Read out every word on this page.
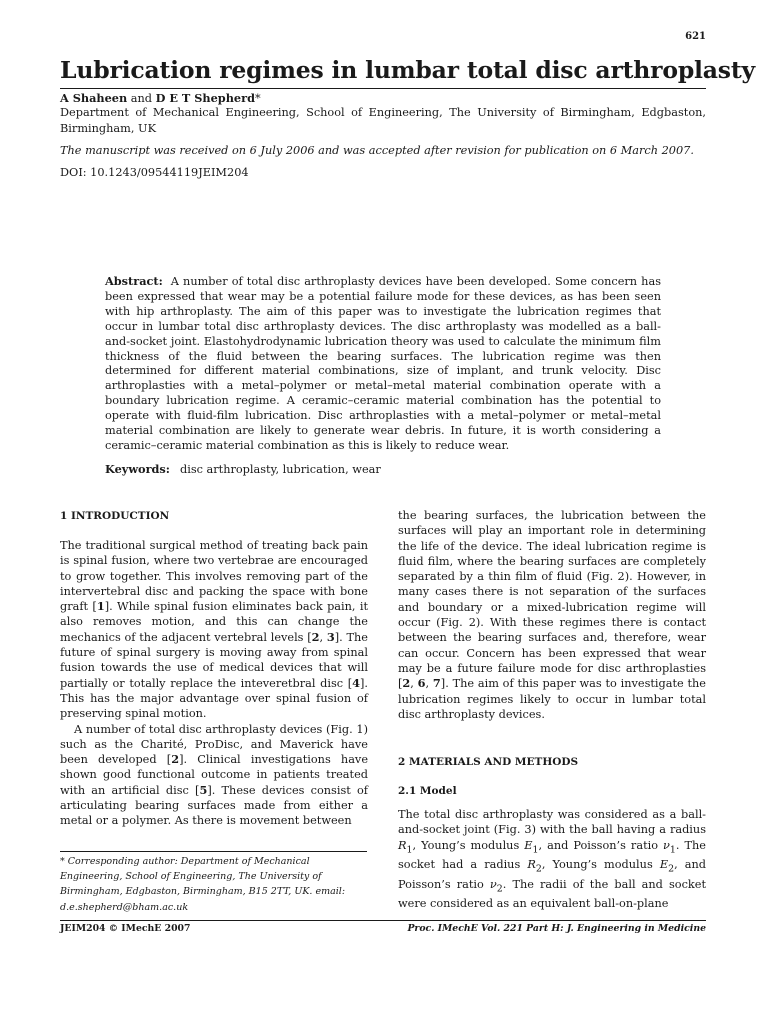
621
Lubrication regimes in lumbar total disc arthroplasty
A Shaheen and D E T Shepherd*
Department of Mechanical Engineering, School of Engineering, The University of Birmingham, Edgbaston, Birmingham, UK
The manuscript was received on 6 July 2006 and was accepted after revision for publication on 6 March 2007.
DOI: 10.1243/09544119JEIM204
Abstract: A number of total disc arthroplasty devices have been developed. Some concern has been expressed that wear may be a potential failure mode for these devices, as has been seen with hip arthroplasty. The aim of this paper was to investigate the lubrication regimes that occur in lumbar total disc arthroplasty devices. The disc arthroplasty was modelled as a ball-and-socket joint. Elastohydrodynamic lubrication theory was used to calculate the minimum film thickness of the fluid between the bearing surfaces. The lubrication regime was then determined for different material combinations, size of implant, and trunk velocity. Disc arthroplasties with a metal–polymer or metal–metal material combination operate with a boundary lubrication regime. A ceramic–ceramic material combination has the potential to operate with fluid-film lubrication. Disc arthroplasties with a metal–polymer or metal–metal material combination are likely to generate wear debris. In future, it is worth considering a ceramic–ceramic material combination as this is likely to reduce wear.
Keywords: disc arthroplasty, lubrication, wear
1 INTRODUCTION

The traditional surgical method of treating back pain is spinal fusion, where two vertebrae are encouraged to grow together. This involves removing part of the intervertebral disc and packing the space with bone graft [1]. While spinal fusion eliminates back pain, it also removes motion, and this can change the mechanics of the adjacent vertebral levels [2, 3]. The future of spinal surgery is moving away from spinal fusion towards the use of medical devices that will partially or totally replace the inteveretbral disc [4]. This has the major advantage over spinal fusion of preserving spinal motion.

A number of total disc arthroplasty devices (Fig. 1) such as the Charité, ProDisc, and Maverick have been developed [2]. Clinical investigations have shown good functional outcome in patients treated with an artificial disc [5]. These devices consist of articulating bearing surfaces made from either a metal or a polymer. As there is movement between

2 MATERIALS AND METHODS
2.1 Model
The total disc arthroplasty was considered as a ball-and-socket joint (Fig. 3) with the ball having a radius $R_1$, Young’s modulus $E_1$, and Poisson’s ratio $\nu_1$. The socket had a radius $R_2$, Young’s modulus $E_2$, and Poisson’s ratio $\nu_2$. The radii of the ball and socket were considered as an equivalent ball-on-plane
* Corresponding author: Department of Mechanical Engineering, School of Engineering, The University of Birmingham, Edgbaston, Birmingham, B15 2TT, UK. email: d.e.shepherd@bham.ac.uk
JEIM204 © IMechE 2007	Proc. IMechE Vol. 221 Part H: J. Engineering in Medicine

the bearing surfaces, the lubrication between the surfaces will play an important role in determining the life of the device. The ideal lubrication regime is fluid film, where the bearing surfaces are completely separated by a thin film of fluid (Fig. 2). However, in many cases there is not separation of the surfaces and boundary or a mixed-lubrication regime will occur (Fig. 2). With these regimes there is contact between the bearing surfaces and, therefore, wear can occur. Concern has been expressed that wear may be a future failure mode for disc arthroplasties [2, 6, 7]. The aim of this paper was to investigate the lubrication regimes likely to occur in lumbar total disc arthroplasty devices.
